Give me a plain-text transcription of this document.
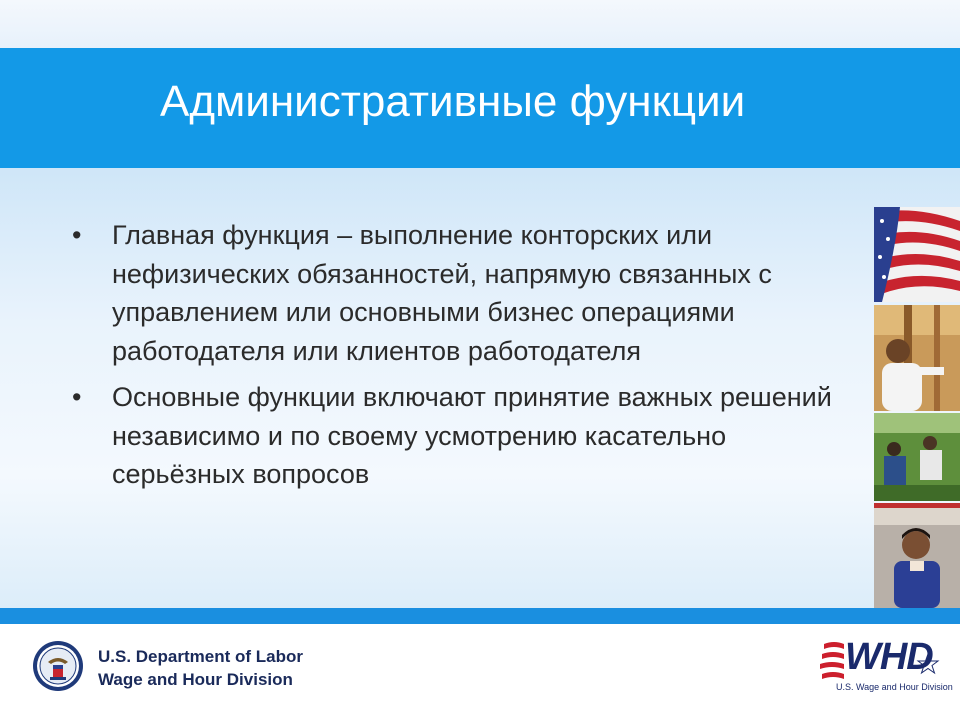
Административные функции
• Главная функция – выполнение конторских или нефизических обязанностей, напрямую связанных с управлением или основными бизнес операциями работодателя или клиентов работодателя
• Основные функции включают принятие важных решений независимо и по своему усмотрению касательно серьёзных вопросов
U.S. Department of Labor
Wage and Hour Division
WHD
U.S. Wage and Hour Division
